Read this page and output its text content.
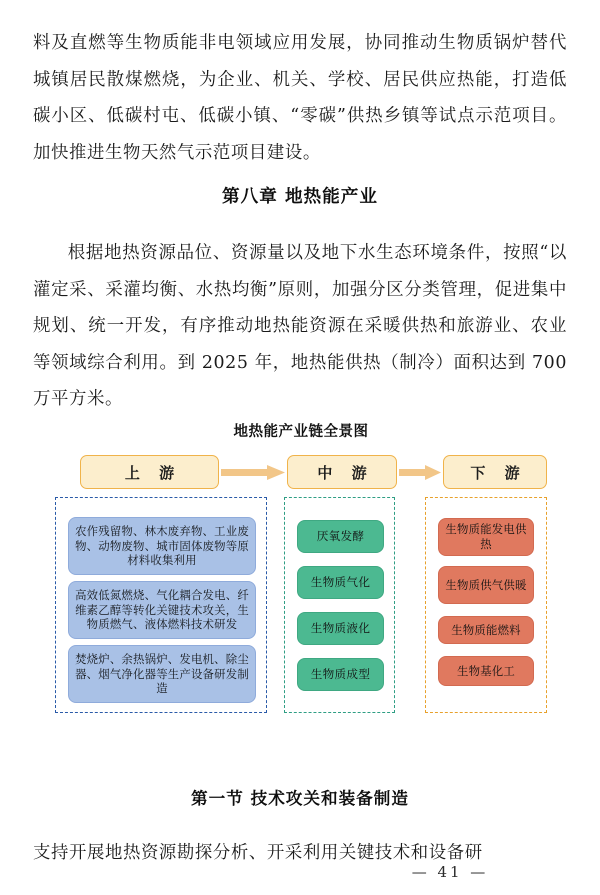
料及直燃等生物质能非电领域应用发展，协同推动生物质锅炉替代城镇居民散煤燃烧，为企业、机关、学校、居民供应热能，打造低碳小区、低碳村屯、低碳小镇、“零碳”供热乡镇等试点示范项目。加快推进生物天然气示范项目建设。

第八章 地热能产业

根据地热资源品位、资源量以及地下水生态环境条件，按照“以灌定采、采灌均衡、水热均衡”原则，加强分区分类管理，促进集中规划、统一开发，有序推动地热能资源在采暖供热和旅游业、农业等领域综合利用。到 2025 年，地热能供热（制冷）面积达到 700 万平方米。

地热能产业链全景图
上 游	中 游	下 游
农作残留物、林木废弃物、工业废物、动物废物、城市固体废物等原材料收集利用
高效低氮燃烧、气化耦合发电、纤维素乙醇等转化关键技术攻关，生物质燃气、液体燃料技术研发
焚烧炉、余热锅炉、发电机、除尘器、烟气净化器等生产设备研发制造
厌氧发酵
生物质气化
生物质液化
生物质成型
生物质能发电供热
生物质供气供暖
生物质能燃料
生物基化工
第一节 技术攻关和装备制造

支持开展地热资源勘探分析、开采利用关键技术和设备研

— 41 —
